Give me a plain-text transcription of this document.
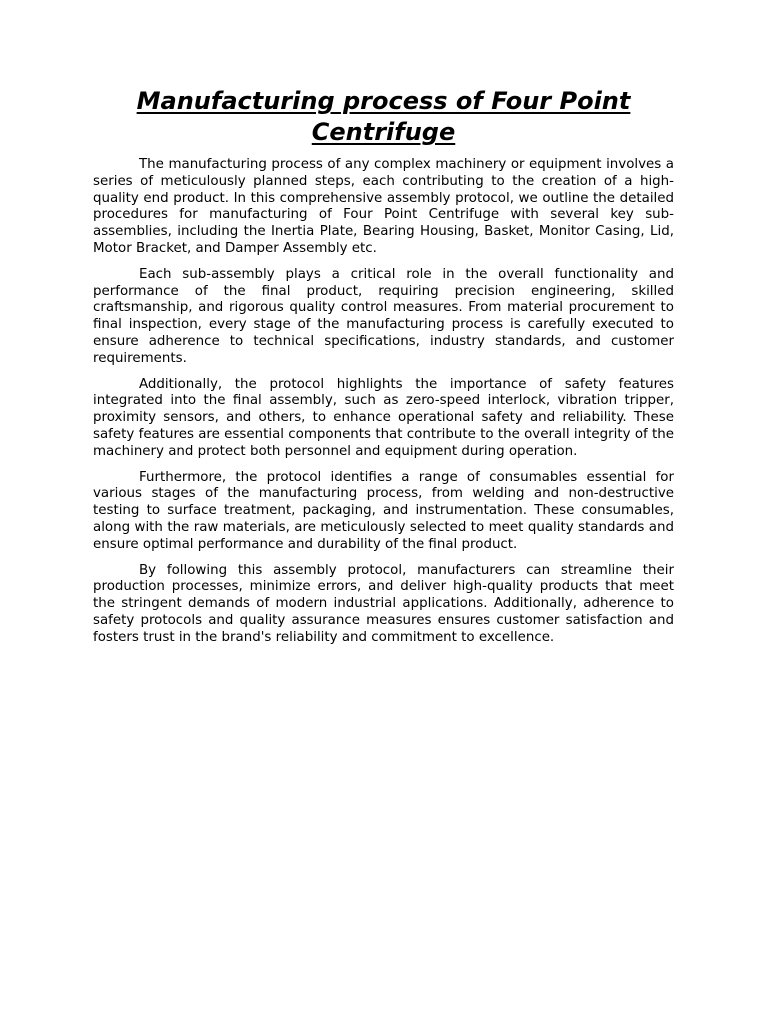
Manufacturing process of Four Point Centrifuge

The manufacturing process of any complex machinery or equipment involves a series of meticulously planned steps, each contributing to the creation of a high-quality end product. In this comprehensive assembly protocol, we outline the detailed procedures for manufacturing of Four Point Centrifuge with several key sub-assemblies, including the Inertia Plate, Bearing Housing, Basket, Monitor Casing, Lid, Motor Bracket, and Damper Assembly etc.

Each sub-assembly plays a critical role in the overall functionality and performance of the final product, requiring precision engineering, skilled craftsmanship, and rigorous quality control measures. From material procurement to final inspection, every stage of the manufacturing process is carefully executed to ensure adherence to technical specifications, industry standards, and customer requirements.

Additionally, the protocol highlights the importance of safety features integrated into the final assembly, such as zero-speed interlock, vibration tripper, proximity sensors, and others, to enhance operational safety and reliability. These safety features are essential components that contribute to the overall integrity of the machinery and protect both personnel and equipment during operation.

Furthermore, the protocol identifies a range of consumables essential for various stages of the manufacturing process, from welding and non-destructive testing to surface treatment, packaging, and instrumentation. These consumables, along with the raw materials, are meticulously selected to meet quality standards and ensure optimal performance and durability of the final product.

By following this assembly protocol, manufacturers can streamline their production processes, minimize errors, and deliver high-quality products that meet the stringent demands of modern industrial applications. Additionally, adherence to safety protocols and quality assurance measures ensures customer satisfaction and fosters trust in the brand's reliability and commitment to excellence.
